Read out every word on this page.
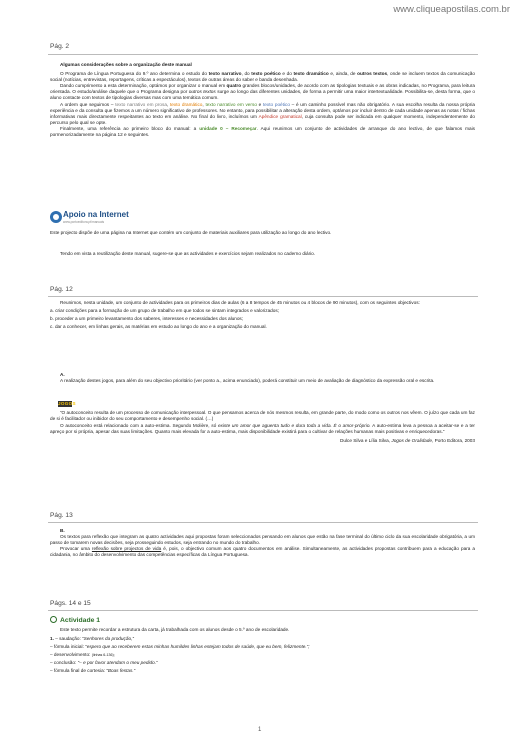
www.cliqueapostilas.com.br
Pág. 2

Algumas considerações sobre a organização deste manual

O Programa de Língua Portuguesa do 9.º ano determina o estudo do texto narrativo, do texto poético e do texto dramático e, ainda, de outros textos, onde se incluem textos da comunicação social (notícias, entrevistas, reportagens, críticas a espectáculos), textos de outras áreas do saber e banda desenhada.

Dando cumprimento a esta determinação, optámos por organizar o manual em quatro grandes blocos/unidades, de acordo com as tipologias textuais e as obras indicadas, no Programa, para leitura orientada. O estudo/análise daquele que o Programa designa por outros textos surge ao longo das diferentes unidades, de forma a permitir uma maior intertextualidade. Possibilita-se, desta forma, que o aluno contacte com textos de tipologias diversas mas com uma temática comum.

A ordem que seguimos – texto narrativo em prosa, texto dramático, texto narrativo em verso e texto poético – é um caminho possível mas não obrigatório. A sua escolha resulta da nossa própria experiência e da consulta que fizemos a um número significativo de professores. No entanto, para possibilitar a alteração desta ordem, optámos por incluir dentro de cada unidade apenas as notas / fichas informativas mais directamente respeitantes ao texto em análise. No final do livro, incluímos um Apêndice gramatical, cuja consulta pode ser indicada em qualquer momento, independentemente do percurso pelo qual se opte.

Finalmente, uma referência ao primeiro bloco do manual: a unidade 0 – Recomeçar. Aqui reunimos um conjunto de actividades de arranque do ano lectivo, de que falamos mais pormenorizadamente na página 12 e seguintes.

Apoio na Internet
www.portoeditora.pt/manuais

Este projecto dispõe de uma página na Internet que contém um conjunto de materiais auxiliares para utilização ao longo do ano lectivo.

Tendo em vista a reutilização deste manual, sugere-se que as actividades e exercícios sejam realizados no caderno diário.

Pág. 12

Reunimos, nesta unidade, um conjunto de actividades para os primeiros dias de aulas (6 a 8 tempos de 45 minutos ou 4 blocos de 90 minutos), com os seguintes objectivos:

a. criar condições para a formação de um grupo de trabalho em que todos se sintam integrados e valorizados;

b. proceder a um primeiro levantamento dos saberes, interesses e necessidades dos alunos;

c. dar a conhecer, em linhas gerais, as matérias em estudo ao longo do ano e a organização do manual.

A.

A realização destes jogos, para além do seu objectivo prioritário (ver ponto a., acima enunciado), poderá constituir um meio de avaliação de diagnóstico da expressão oral e escrita.

JOGOS

“O autoconceito resulta de um processo de comunicação interpessoal. O que pensamos acerca de nós mesmos resulta, em grande parte, do modo como os outros nos vêem. O juízo que cada um faz de si é facilitador ou inibidor do seu comportamento e desempenho social. (…)

O autoconceito está relacionado com a auto-estima. Segundo Molière, só existe um amor que aguenta tudo e dura toda a vida. É o amor-próprio. A auto-estima leva a pessoa a aceitar-se e a ter apreço por si própria, apesar das suas limitações. Quanto mais elevada for a auto-estima, mais disponibilidade existirá para o cultivar de relações humanas mais positivas e enriquecedoras.”

Dulce Silva e Lília Silva, Jogos de Oralidade, Porto Editora, 2003

Pág. 13

B.

Os textos para reflexão que integram as quatro actividades aqui propostas foram seleccionados pensando em alunos que estão na fase terminal do último ciclo da sua escolaridade obrigatória, a um passo de tomarem novas decisões, seja prosseguindo estudos, seja entrando no mundo do trabalho.

Provocar uma reflexão sobre projectos de vida é, pois, o objectivo comum aos quatro documentos em análise. Simultaneamente, as actividades propostas contribuem para a educação para a cidadania, no âmbito do desenvolvimento das competências específicas da Língua Portuguesa.

Págs. 14 e 15
Actividade 1

Este texto permite recordar a estrutura da carta, já trabalhada com os alunos desde o 5.º ano de escolaridade.

1. – saudação: “Senhores da produção,”

– fórmula inicial: “espero que ao receberem estas minhas humildes linhas estejam todos de saúde, que eu bem, felizmente.”;

– desenvolvimento: (linhas 6-136);

– conclusão: “– e por favor atendam o meu pedido.”

– fórmula final de cortesia: “Boas festas.”

1
